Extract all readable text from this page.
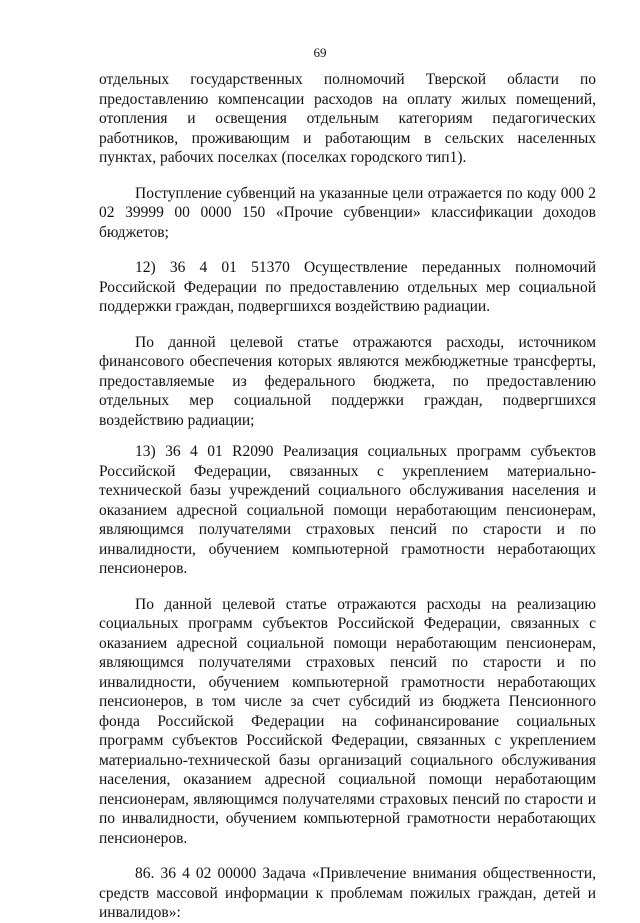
69

отдельных государственных полномочий Тверской области по предоставлению компенсации расходов на оплату жилых помещений, отопления и освещения отдельным категориям педагогических работников, проживающим и работающим в сельских населенных пунктах, рабочих поселках (поселках городского тип1).

Поступление субвенций на указанные цели отражается по коду 000 2 02 39999 00 0000 150 «Прочие субвенции» классификации доходов бюджетов;

12) 36 4 01 51370 Осуществление переданных полномочий Российской Федерации по предоставлению отдельных мер социальной поддержки граждан, подвергшихся воздействию радиации.

По данной целевой статье отражаются расходы, источником финансового обеспечения которых являются межбюджетные трансферты, предоставляемые из федерального бюджета, по предоставлению отдельных мер социальной поддержки граждан, подвергшихся воздействию радиации;

13) 36 4 01 R2090 Реализация социальных программ субъектов Российской Федерации, связанных с укреплением материально-технической базы учреждений социального обслуживания населения и оказанием адресной социальной помощи неработающим пенсионерам, являющимся получателями страховых пенсий по старости и по инвалидности, обучением компьютерной грамотности неработающих пенсионеров.

По данной целевой статье отражаются расходы на реализацию социальных программ субъектов Российской Федерации, связанных с оказанием адресной социальной помощи неработающим пенсионерам, являющимся получателями страховых пенсий по старости и по инвалидности, обучением компьютерной грамотности неработающих пенсионеров, в том числе за счет субсидий из бюджета Пенсионного фонда Российской Федерации на софинансирование социальных программ субъектов Российской Федерации, связанных с укреплением материально-технической базы организаций социального обслуживания населения, оказанием адресной социальной помощи неработающим пенсионерам, являющимся получателями страховых пенсий по старости и по инвалидности, обучением компьютерной грамотности неработающих пенсионеров.

86. 36 4 02 00000 Задача «Привлечение внимания общественности, средств массовой информации к проблемам пожилых граждан, детей и инвалидов»:
